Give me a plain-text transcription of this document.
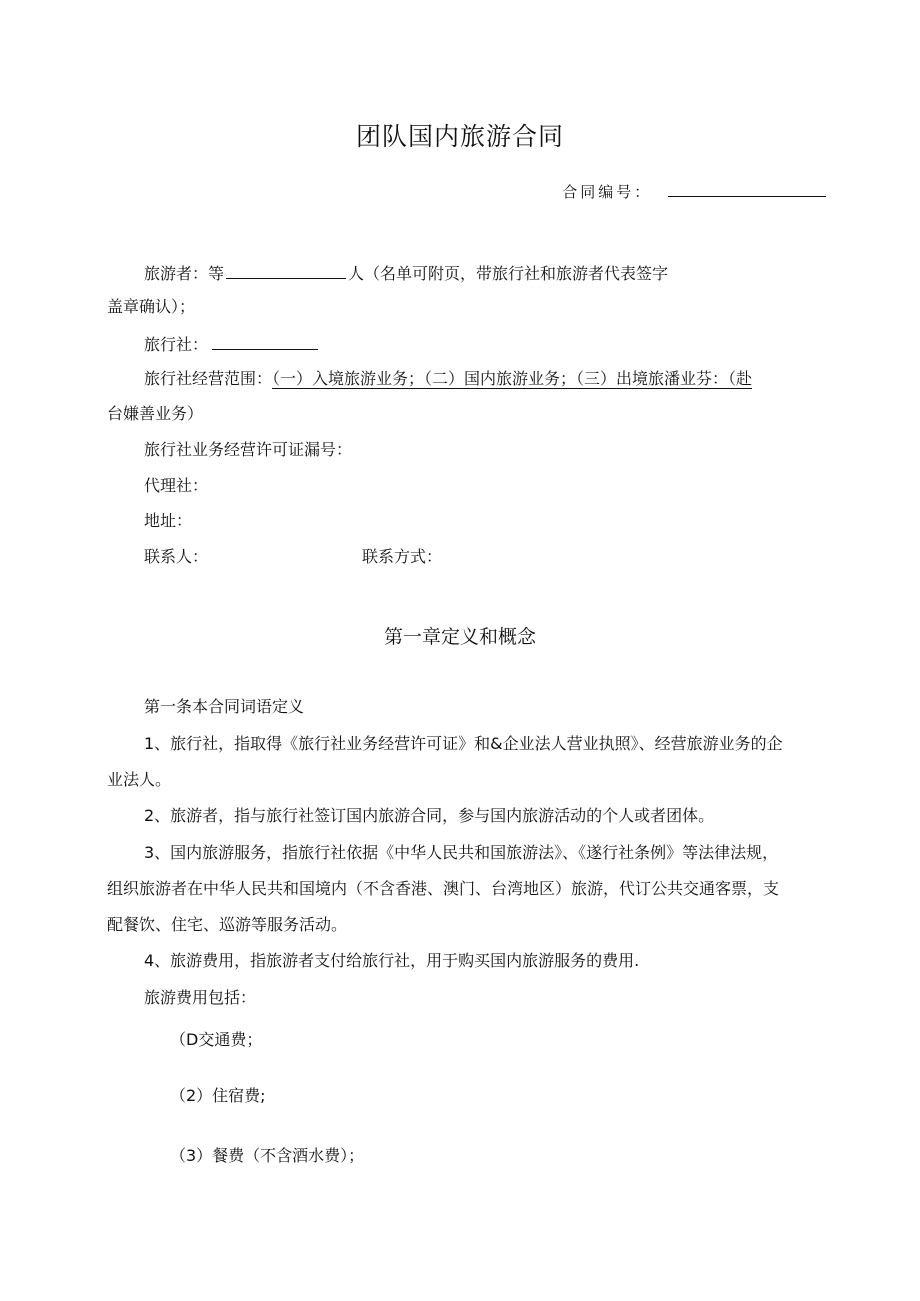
团队国内旅游合同
合同编号：
旅游者：等	人（名单可附页，带旅行社和旅游者代表签字
盖章确认）；
旅行社：
旅行社经营范围：（一）入境旅游业务；（二）国内旅游业务；（三）出境旅潘业芬：（赴
台嫌善业务）
旅行社业务经营许可证漏号：
代理社：
地址：
联系人：	联系方式：
第一章定义和概念
第一条本合同词语定义
1、旅行社，指取得《旅行社业务经营许可证》和&企业法人营业执照》、经营旅游业务的企
业法人。
2、旅游者，指与旅行社签订国内旅游合同，参与国内旅游活动的个人或者团体。
3、国内旅游服务，指旅行社依据《中华人民共和国旅游法》、《遂行社条例》等法律法规，
组织旅游者在中华人民共和国境内（不含香港、澳门、台湾地区）旅游，代订公共交通客票，支
配餐饮、住宅、巡游等服务活动。
4、旅游费用，指旅游者支付给旅行社，用于购买国内旅游服务的费用.
旅游费用包括：
（D交通费；
（2）住宿费;
（3）餐费（不含酒水费）；
